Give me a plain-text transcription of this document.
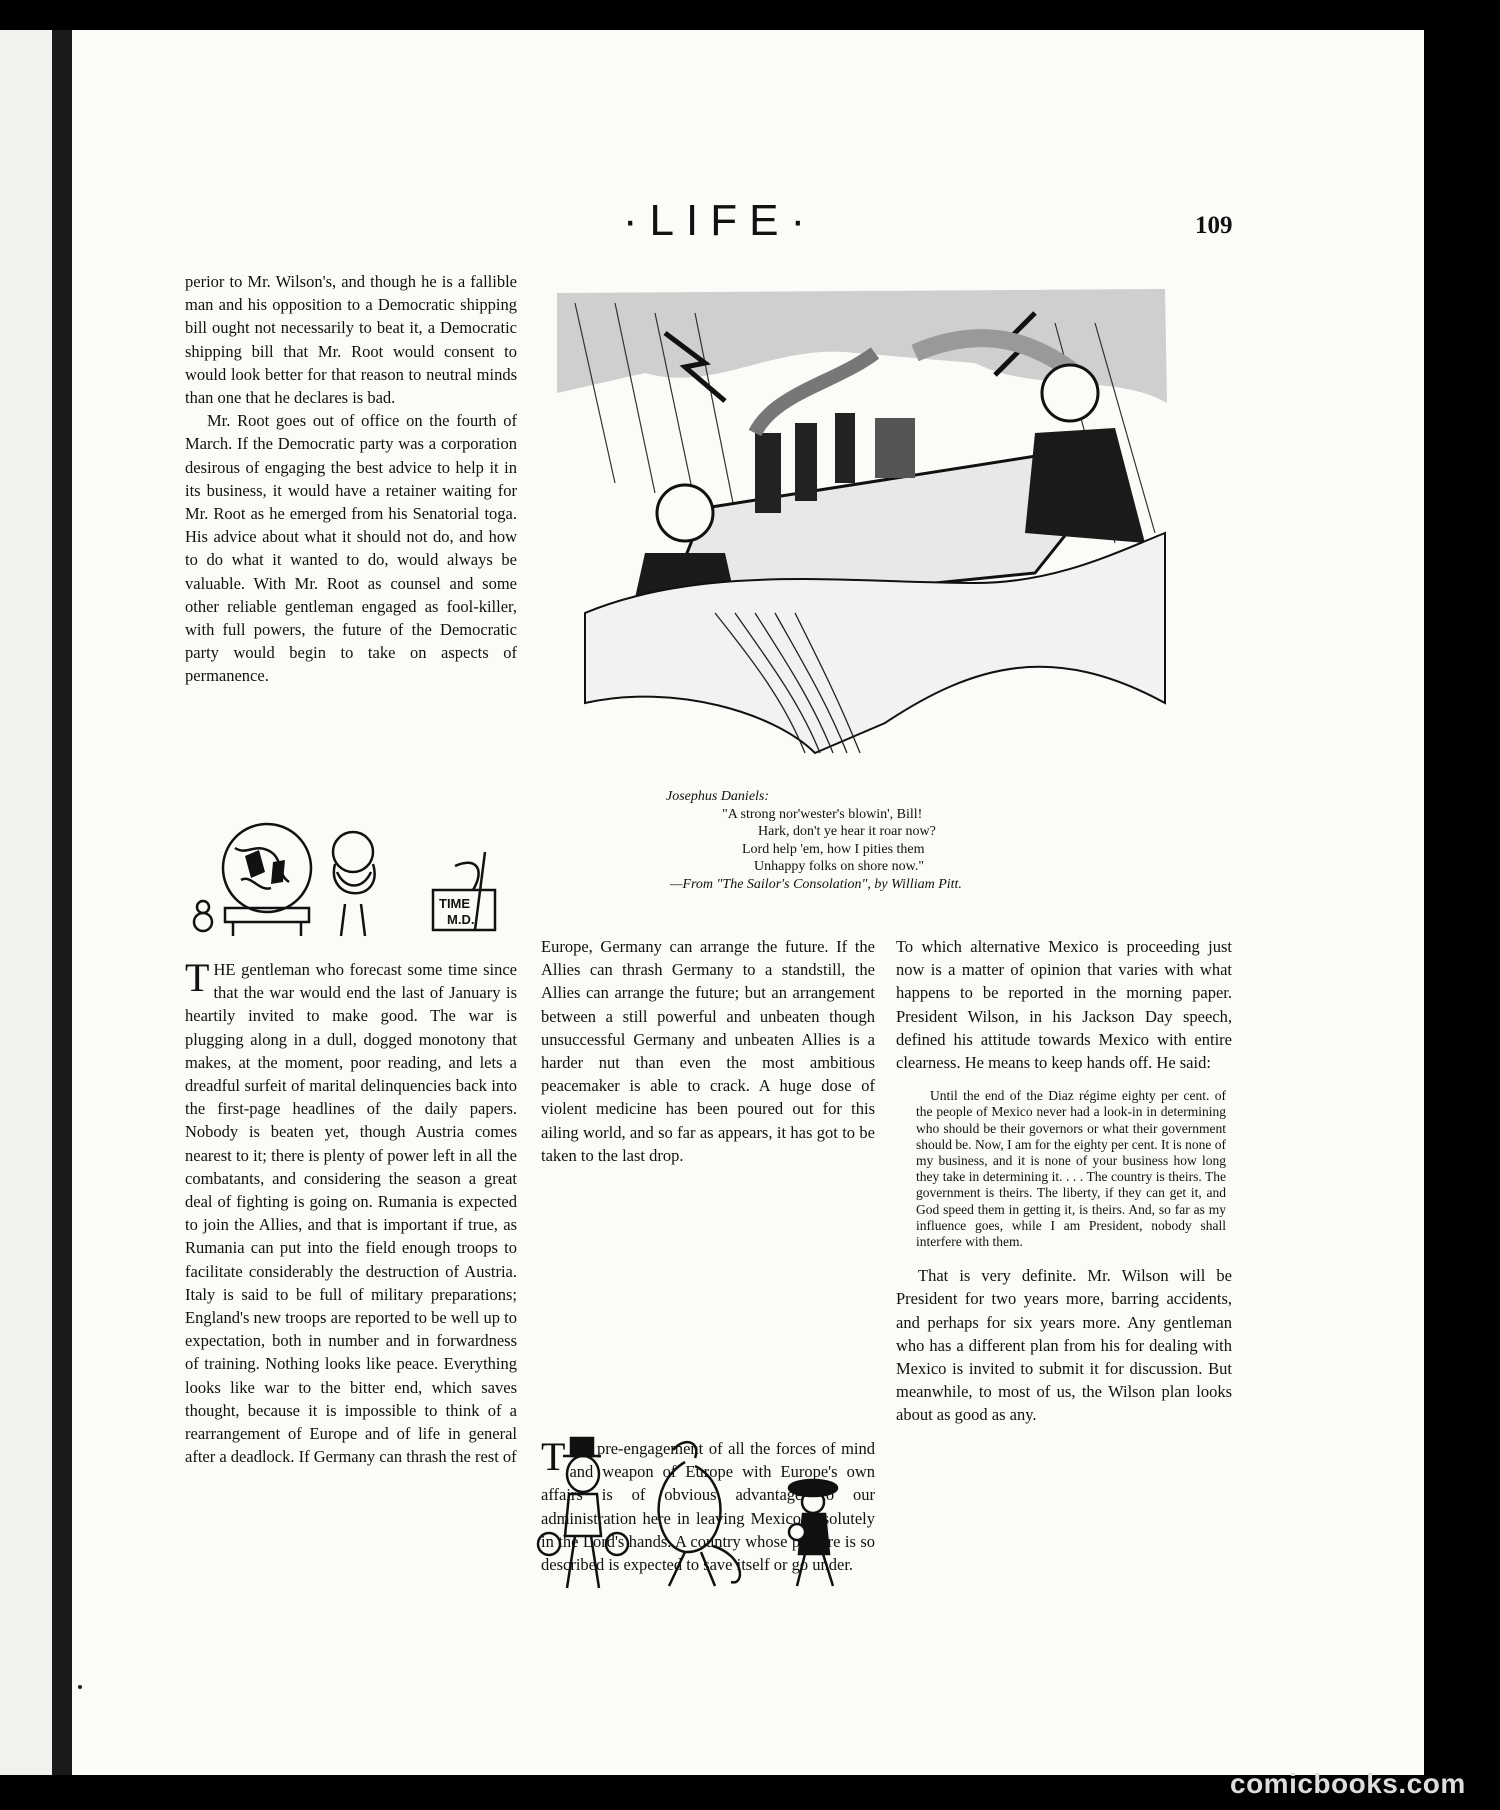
·LIFE·	109

perior to Mr. Wilson's, and though he is a fallible man and his opposition to a Democratic shipping bill ought not necessarily to beat it, a Democratic shipping bill that Mr. Root would consent to would look better for that reason to neutral minds than one that he declares is bad.

Mr. Root goes out of office on the fourth of March. If the Democratic party was a corporation desirous of engaging the best advice to help it in its business, it would have a retainer waiting for Mr. Root as he emerged from his Senatorial toga. His advice about what it should not do, and how to do what it wanted to do, would always be valuable. With Mr. Root as counsel and some other reliable gentleman engaged as fool-killer, with full powers, the future of the Democratic party would begin to take on aspects of permanence.

TIME
M.D.

THE gentleman who forecast some time since that the war would end the last of January is heartily invited to make good. The war is plugging along in a dull, dogged monotony that makes, at the moment, poor reading, and lets a dreadful surfeit of marital delinquencies back into the first-page headlines of the daily papers. Nobody is beaten yet, though Austria comes nearest to it; there is plenty of power left in all the combatants, and considering the season a great deal of fighting is going on. Rumania is expected to join the Allies, and that is important if true, as Rumania can put into the field enough troops to facilitate considerably the destruction of Austria. Italy is said to be full of military preparations; England's new troops are reported to be well up to expectation, both in number and in forwardness of training. Nothing looks like peace. Everything looks like war to the bitter end, which saves thought, because it is impossible to think of a rearrangement of Europe and of life in general after a deadlock. If Germany can thrash the rest of

Josephus Daniels:
"A strong nor'wester's blowin', Bill!
Hark, don't ye hear it roar now?
Lord help 'em, how I pities them
Unhappy folks on shore now."
—From "The Sailor's Consolation", by William Pitt.

Europe, Germany can arrange the future. If the Allies can thrash Germany to a standstill, the Allies can arrange the future; but an arrangement between a still powerful and unbeaten though unsuccessful Germany and unbeaten Allies is a harder nut than even the most ambitious peacemaker is able to crack. A huge dose of violent medicine has been poured out for this ailing world, and so far as appears, it has got to be taken to the last drop.

THE pre-engagement of all the forces of mind and weapon of Europe with Europe's own affairs is of obvious advantage to our administration here in leaving Mexico absolutely in the Lord's hands. A country whose posture is so described is expected to save itself or go under.

To which alternative Mexico is proceeding just now is a matter of opinion that varies with what happens to be reported in the morning paper. President Wilson, in his Jackson Day speech, defined his attitude towards Mexico with entire clearness. He means to keep hands off. He said:

Until the end of the Diaz régime eighty per cent. of the people of Mexico never had a look-in in determining who should be their governors or what their government should be. Now, I am for the eighty per cent. It is none of my business, and it is none of your business how long they take in determining it. . . . The country is theirs. The government is theirs. The liberty, if they can get it, and God speed them in getting it, is theirs. And, so far as my influence goes, while I am President, nobody shall interfere with them.

That is very definite. Mr. Wilson will be President for two years more, barring accidents, and perhaps for six years more. Any gentleman who has a different plan from his for dealing with Mexico is invited to submit it for discussion. But meanwhile, to most of us, the Wilson plan looks about as good as any.

comicbooks.com
